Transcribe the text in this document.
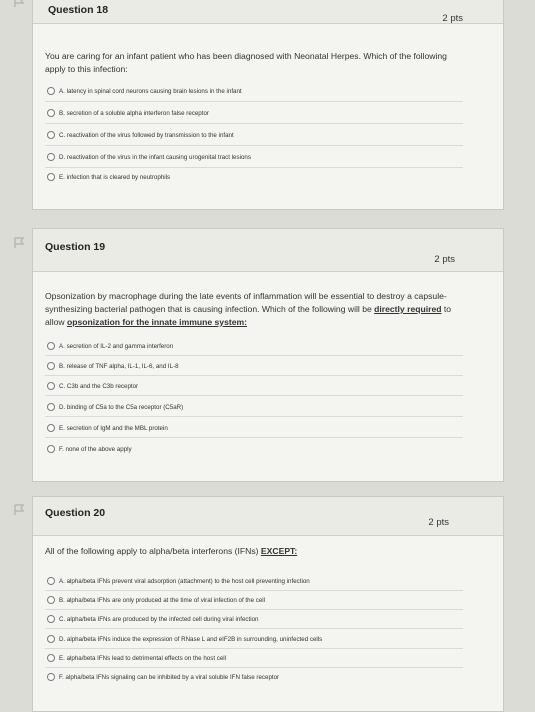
Question 18
2 pts
You are caring for an infant patient who has been diagnosed with Neonatal Herpes. Which of the following apply to this infection:
A. latency in spinal cord neurons causing brain lesions in the infant
B. secretion of a soluble alpha interferon false receptor
C. reactivation of the virus followed by transmission to the infant
D. reactivation of the virus in the infant causing urogenital tract lesions
E. infection that is cleared by neutrophils
Question 19
2 pts
Opsonization by macrophage during the late events of inflammation will be essential to destroy a capsule-synthesizing bacterial pathogen that is causing infection. Which of the following will be directly required to allow opsonization for the innate immune system:
A. secretion of IL-2 and gamma interferon
B. release of TNF alpha, IL-1, IL-6, and IL-8
C. C3b and the C3b receptor
D. binding of C5a to the C5a receptor (C5aR)
E. secretion of IgM and the MBL protein
F. none of the above apply
Question 20
2 pts
All of the following apply to alpha/beta interferons (IFNs) EXCEPT:
A. alpha/beta IFNs prevent viral adsorption (attachment) to the host cell preventing infection
B. alpha/beta IFNs are only produced at the time of viral infection of the cell
C. alpha/beta IFNs are produced by the infected cell during viral infection
D. alpha/beta IFNs induce the expression of RNase L and eIF2B in surrounding, uninfected cells
E. alpha/beta IFNs lead to detrimental effects on the host cell
F. alpha/beta IFNs signaling can be inhibited by a viral soluble IFN false receptor
